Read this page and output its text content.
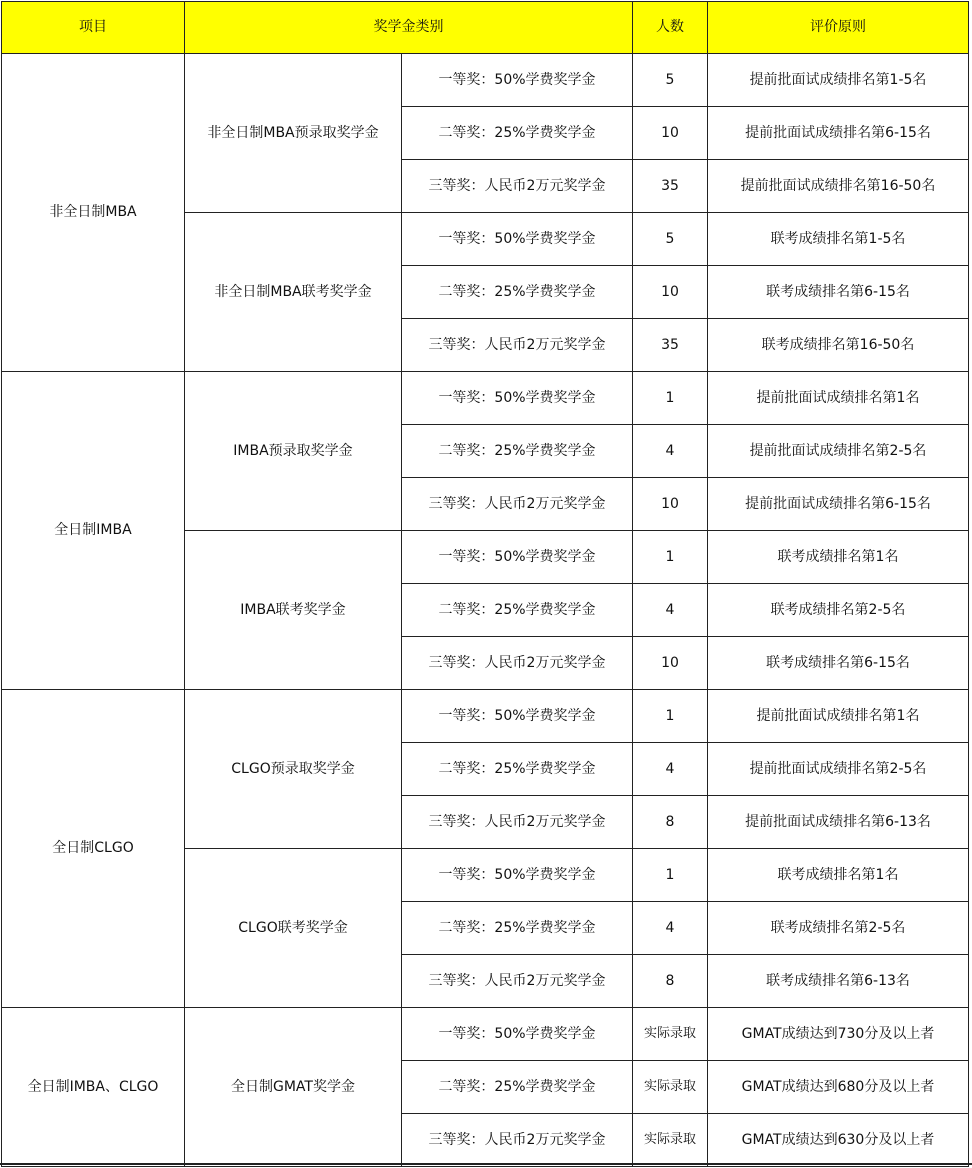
项目	奖学金类别		人数	评价原则
非全日制MBA	非全日制MBA预录取奖学金	一等奖：50%学费奖学金	5	提前批面试成绩排名第1-5名
		二等奖：25%学费奖学金	10	提前批面试成绩排名第6-15名
		三等奖：人民币2万元奖学金	35	提前批面试成绩排名第16-50名
	非全日制MBA联考奖学金	一等奖：50%学费奖学金	5	联考成绩排名第1-5名
		二等奖：25%学费奖学金	10	联考成绩排名第6-15名
		三等奖：人民币2万元奖学金	35	联考成绩排名第16-50名
全日制IMBA	IMBA预录取奖学金	一等奖：50%学费奖学金	1	提前批面试成绩排名第1名
		二等奖：25%学费奖学金	4	提前批面试成绩排名第2-5名
		三等奖：人民币2万元奖学金	10	提前批面试成绩排名第6-15名
	IMBA联考奖学金	一等奖：50%学费奖学金	1	联考成绩排名第1名
		二等奖：25%学费奖学金	4	联考成绩排名第2-5名
		三等奖：人民币2万元奖学金	10	联考成绩排名第6-15名
全日制CLGO	CLGO预录取奖学金	一等奖：50%学费奖学金	1	提前批面试成绩排名第1名
		二等奖：25%学费奖学金	4	提前批面试成绩排名第2-5名
		三等奖：人民币2万元奖学金	8	提前批面试成绩排名第6-13名
	CLGO联考奖学金	一等奖：50%学费奖学金	1	联考成绩排名第1名
		二等奖：25%学费奖学金	4	联考成绩排名第2-5名
		三等奖：人民币2万元奖学金	8	联考成绩排名第6-13名
全日制IMBA、CLGO	全日制GMAT奖学金	一等奖：50%学费奖学金	实际录取	GMAT成绩达到730分及以上者
		二等奖：25%学费奖学金	实际录取	GMAT成绩达到680分及以上者
		三等奖：人民币2万元奖学金	实际录取	GMAT成绩达到630分及以上者
